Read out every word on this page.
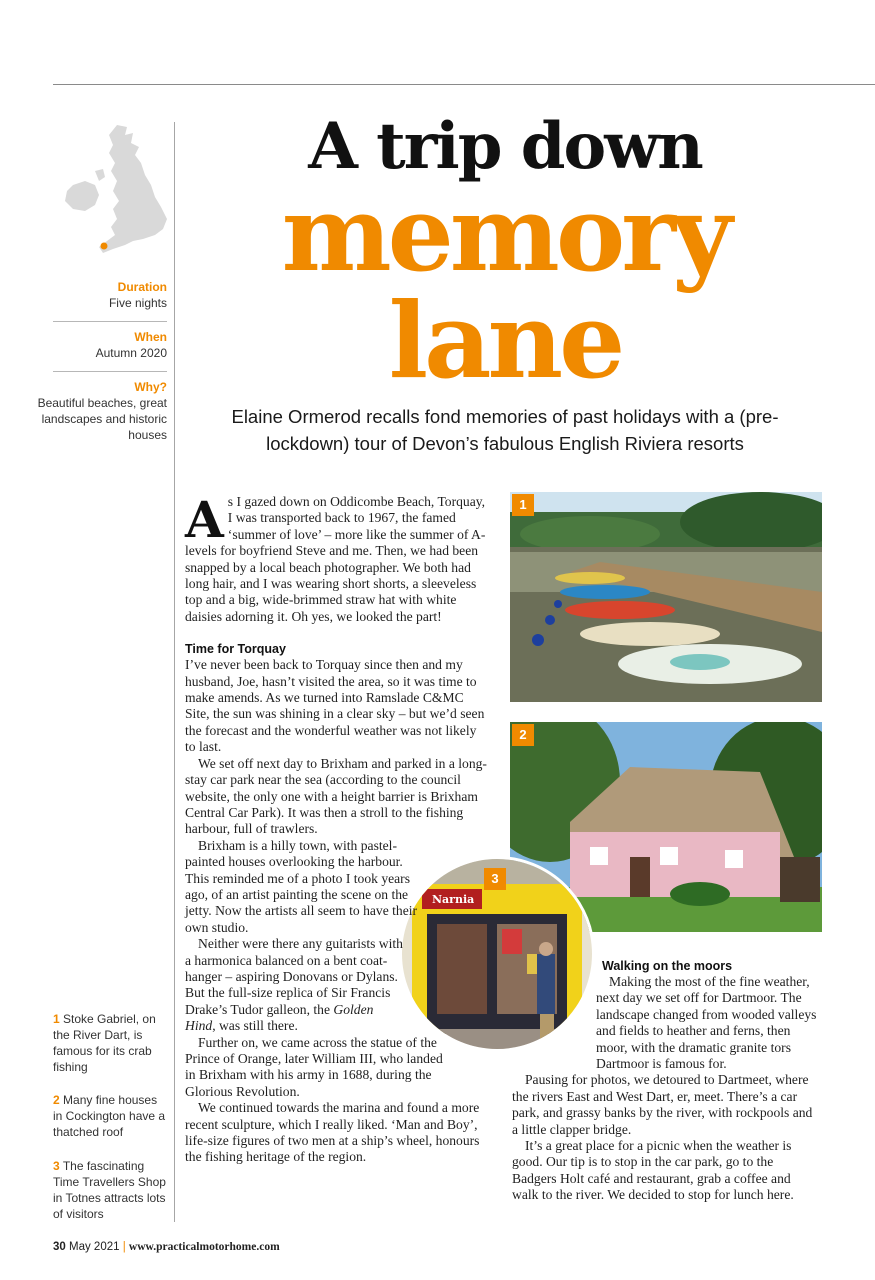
Duration
Five nights
When
Autumn 2020
Why?
Beautiful beaches, great landscapes and historic houses
A trip down
memory
lane
Elaine Ormerod recalls fond memories of past holidays with a (pre-lockdown) tour of Devon’s fabulous English Riviera resorts
1
2
Narnia
3

As I gazed down on Oddicombe Beach, Torquay, I was transported back to 1967, the famed ‘summer of love’ – more like the summer of A-levels for boyfriend Steve and me. Then, we had been snapped by a local beach photographer. We both had long hair, and I was wearing short shorts, a sleeveless top and a big, wide-brimmed straw hat with white daisies adorning it. Oh yes, we looked the part!

Time for Torquay

I’ve never been back to Torquay since then and my husband, Joe, hasn’t visited the area, so it was time to make amends. As we turned into Ramslade C&MC Site, the sun was shining in a clear sky – but we’d seen the forecast and the wonderful weather was not likely to last.

We set off next day to Brixham and parked in a long-stay car park near the sea (according to the council website, the only one with a height barrier is Brixham Central Car Park). It was then a stroll to the fishing harbour, full of trawlers.

Brixham is a hilly town, with pastel-painted houses overlooking the harbour. This reminded me of a photo I took years ago, of an artist painting the scene on the jetty. Now the artists all seem to have their own studio.

Neither were there any guitarists with a harmonica balanced on a bent coat-hanger – aspiring Donovans or Dylans. But the full-size replica of Sir Francis Drake’s Tudor galleon, the Golden Hind, was still there.

Further on, we came across the statue of the Prince of Orange, later William III, who landed in Brixham with his army in 1688, during the Glorious Revolution.

We continued towards the marina and found a more recent sculpture, which I really liked. ‘Man and Boy’, life-size figures of two men at a ship’s wheel, honours the fishing heritage of the region.

Walking on the moors

Making the most of the fine weather, next day we set off for Dartmoor. The landscape changed from wooded valleys and fields to heather and ferns, then moor, with the dramatic granite tors Dartmoor is famous for.

Pausing for photos, we detoured to Dartmeet, where the rivers East and West Dart, er, meet. There’s a car park, and grassy banks by the river, with rockpools and a little clapper bridge.

It’s a great place for a picnic when the weather is good. Our tip is to stop in the car park, go to the Badgers Holt café and restaurant, grab a coffee and walk to the river. We decided to stop for lunch here.

1 Stoke Gabriel, on the River Dart, is famous for its crab fishing
2 Many fine houses in Cockington have a thatched roof
3 The fascinating Time Travellers Shop in Totnes attracts lots of visitors
30 May 2021 | www.practicalmotorhome.com
